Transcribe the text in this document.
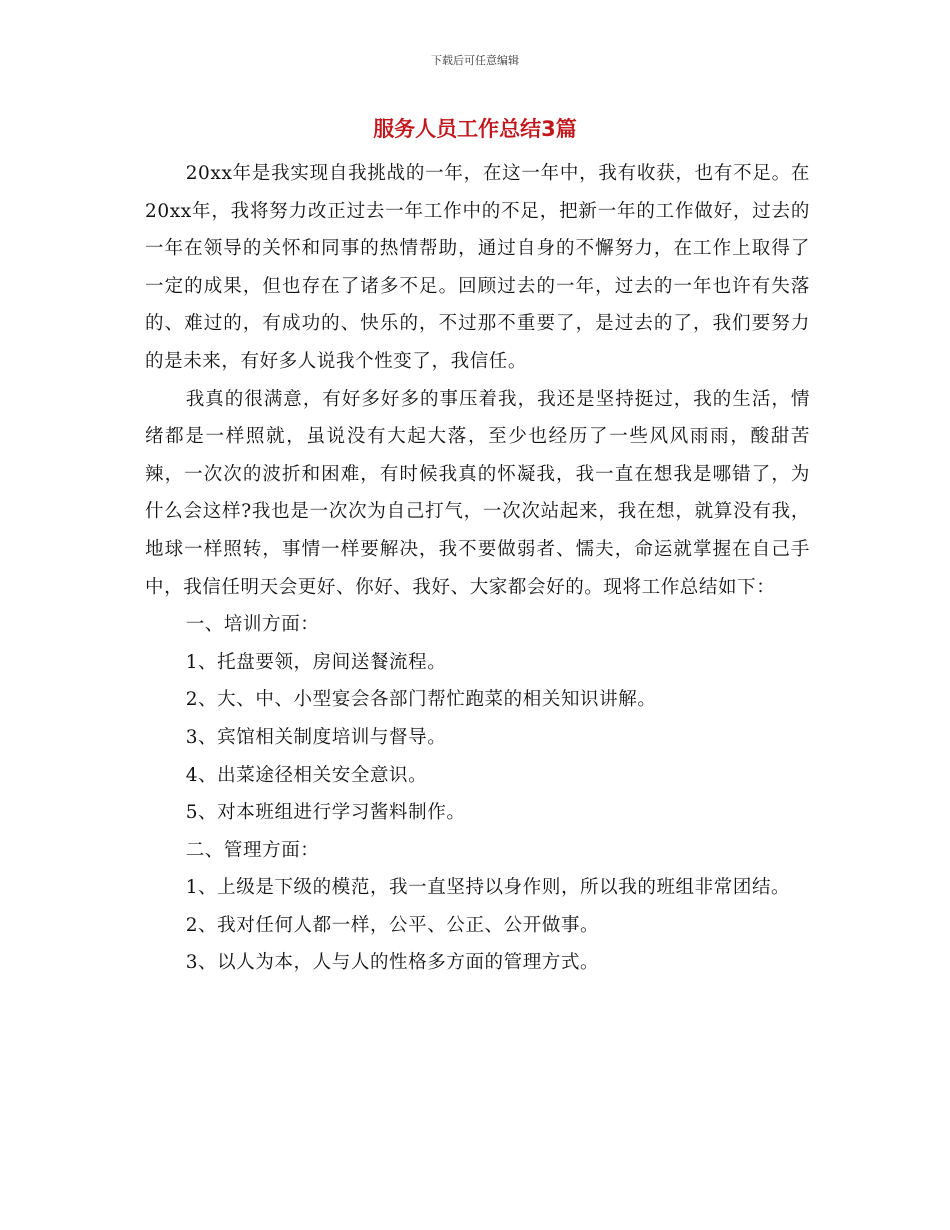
下载后可任意编辑
服务人员工作总结3篇

20xx年是我实现自我挑战的一年，在这一年中，我有收获，也有不足。在20xx年，我将努力改正过去一年工作中的不足，把新一年的工作做好，过去的一年在领导的关怀和同事的热情帮助，通过自身的不懈努力，在工作上取得了一定的成果，但也存在了诸多不足。回顾过去的一年，过去的一年也许有失落的、难过的，有成功的、快乐的，不过那不重要了，是过去的了，我们要努力的是未来，有好多人说我个性变了，我信任。

我真的很满意，有好多好多的事压着我，我还是坚持挺过，我的生活，情绪都是一样照就，虽说没有大起大落，至少也经历了一些风风雨雨，酸甜苦辣，一次次的波折和困难，有时候我真的怀凝我，我一直在想我是哪错了，为什么会这样?我也是一次次为自己打气，一次次站起来，我在想，就算没有我，地球一样照转，事情一样要解决，我不要做弱者、懦夫，命运就掌握在自己手中，我信任明天会更好、你好、我好、大家都会好的。现将工作总结如下：

一、培训方面：

1、托盘要领，房间送餐流程。

2、大、中、小型宴会各部门帮忙跑菜的相关知识讲解。

3、宾馆相关制度培训与督导。

4、出菜途径相关安全意识。

5、对本班组进行学习酱料制作。

二、管理方面：

1、上级是下级的模范，我一直坚持以身作则，所以我的班组非常团结。

2、我对任何人都一样，公平、公正、公开做事。

3、以人为本，人与人的性格多方面的管理方式。
